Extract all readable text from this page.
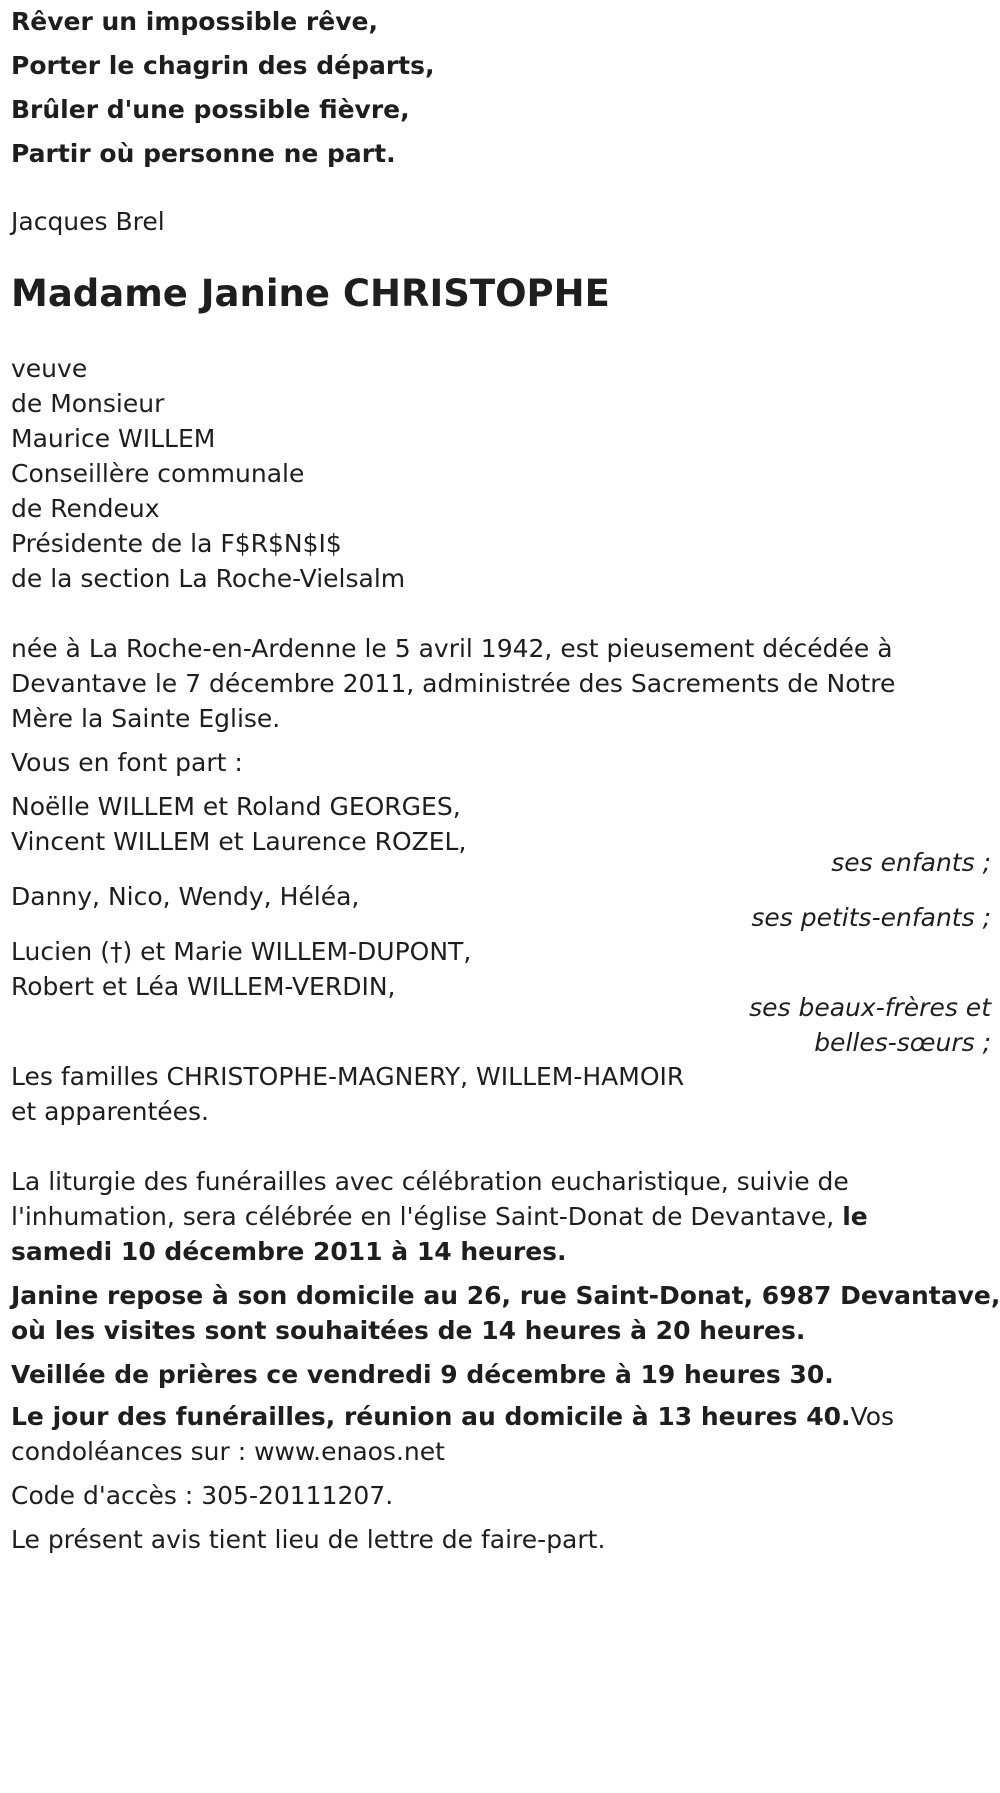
Rêver un impossible rêve,
Porter le chagrin des départs,
Brûler d'une possible fièvre,
Partir où personne ne part.
Jacques Brel
Madame Janine CHRISTOPHE
veuve
de Monsieur
Maurice WILLEM
Conseillère communale
de Rendeux
Présidente de la F$R$N$I$
de la section La Roche-Vielsalm
née à La Roche-en-Ardenne le 5 avril 1942, est pieusement décédée à
Devantave le 7 décembre 2011, administrée des Sacrements de Notre
Mère la Sainte Eglise.
Vous en font part :
Noëlle WILLEM et Roland GEORGES,
Vincent WILLEM et Laurence ROZEL,
ses enfants ;
Danny, Nico, Wendy, Héléa,
ses petits-enfants ;
Lucien (†) et Marie WILLEM-DUPONT,
Robert et Léa WILLEM-VERDIN,
ses beaux-frères et
belles-sœurs ;
Les familles CHRISTOPHE-MAGNERY, WILLEM-HAMOIR
et apparentées.
La liturgie des funérailles avec célébration eucharistique, suivie de
l'inhumation, sera célébrée en l'église Saint-Donat de Devantave, le
samedi 10 décembre 2011 à 14 heures.
Janine repose à son domicile au 26, rue Saint-Donat, 6987 Devantave,
où les visites sont souhaitées de 14 heures à 20 heures.
Veillée de prières ce vendredi 9 décembre à 19 heures 30.
Le jour des funérailles, réunion au domicile à 13 heures 40.Vos
condoléances sur : www.enaos.net
Code d'accès : 305-20111207.
Le présent avis tient lieu de lettre de faire-part.
